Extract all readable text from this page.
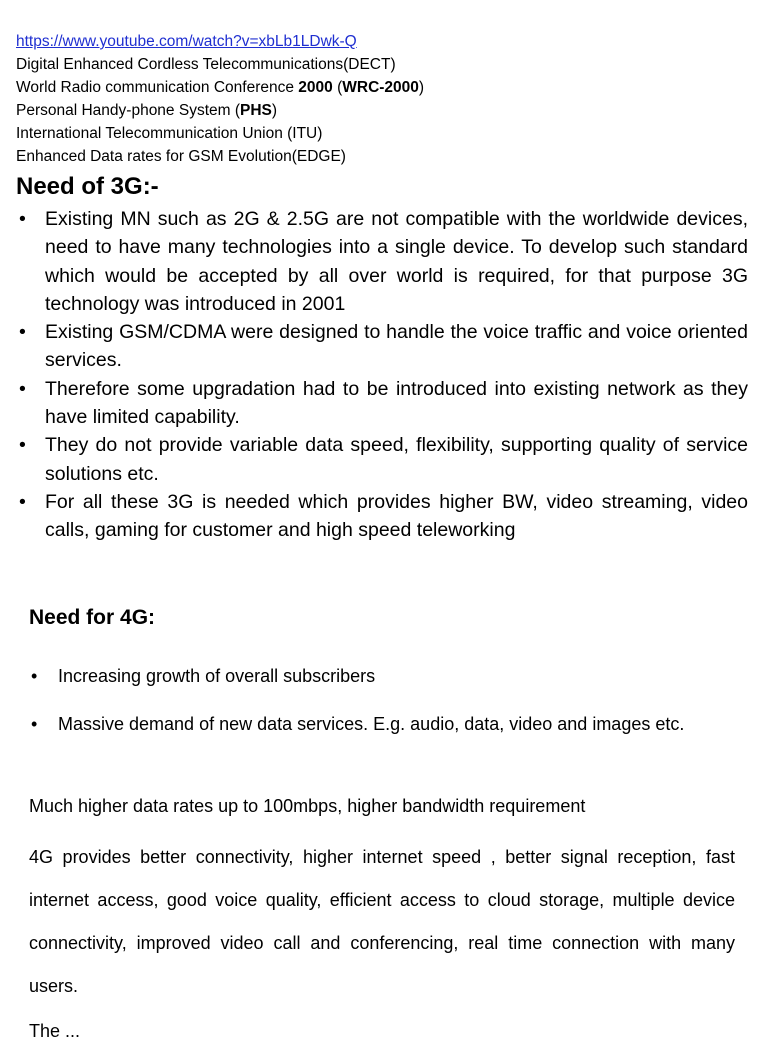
https://www.youtube.com/watch?v=xbLb1LDwk-Q
Digital Enhanced Cordless Telecommunications(DECT)
World Radio communication Conference 2000 (WRC-2000)
Personal Handy-phone System (PHS)
International Telecommunication Union (ITU)
Enhanced Data rates for GSM Evolution(EDGE)
Need of 3G:-
• Existing MN such as 2G & 2.5G are not compatible with the worldwide devices, need to have many technologies into a single device. To develop such standard which would be accepted by all over world is required, for that purpose 3G technology was introduced in 2001
• Existing GSM/CDMA were designed to handle the voice traffic and voice oriented services.
• Therefore some upgradation had to be introduced into existing network as they have limited capability.
• They do not provide variable data speed, flexibility, supporting quality of service solutions etc.
• For all these 3G is needed which provides higher BW, video streaming, video calls, gaming for customer and high speed teleworking
Need for 4G:
• Increasing growth of overall subscribers
• Massive demand of new data services. E.g. audio, data, video and images etc.
Much higher data rates up to 100mbps, higher bandwidth requirement
4G provides better connectivity, higher internet speed , better signal reception, fast internet access, good voice quality, efficient access to cloud storage, multiple device connectivity, improved video call and conferencing, real time connection with many users.
The ...
